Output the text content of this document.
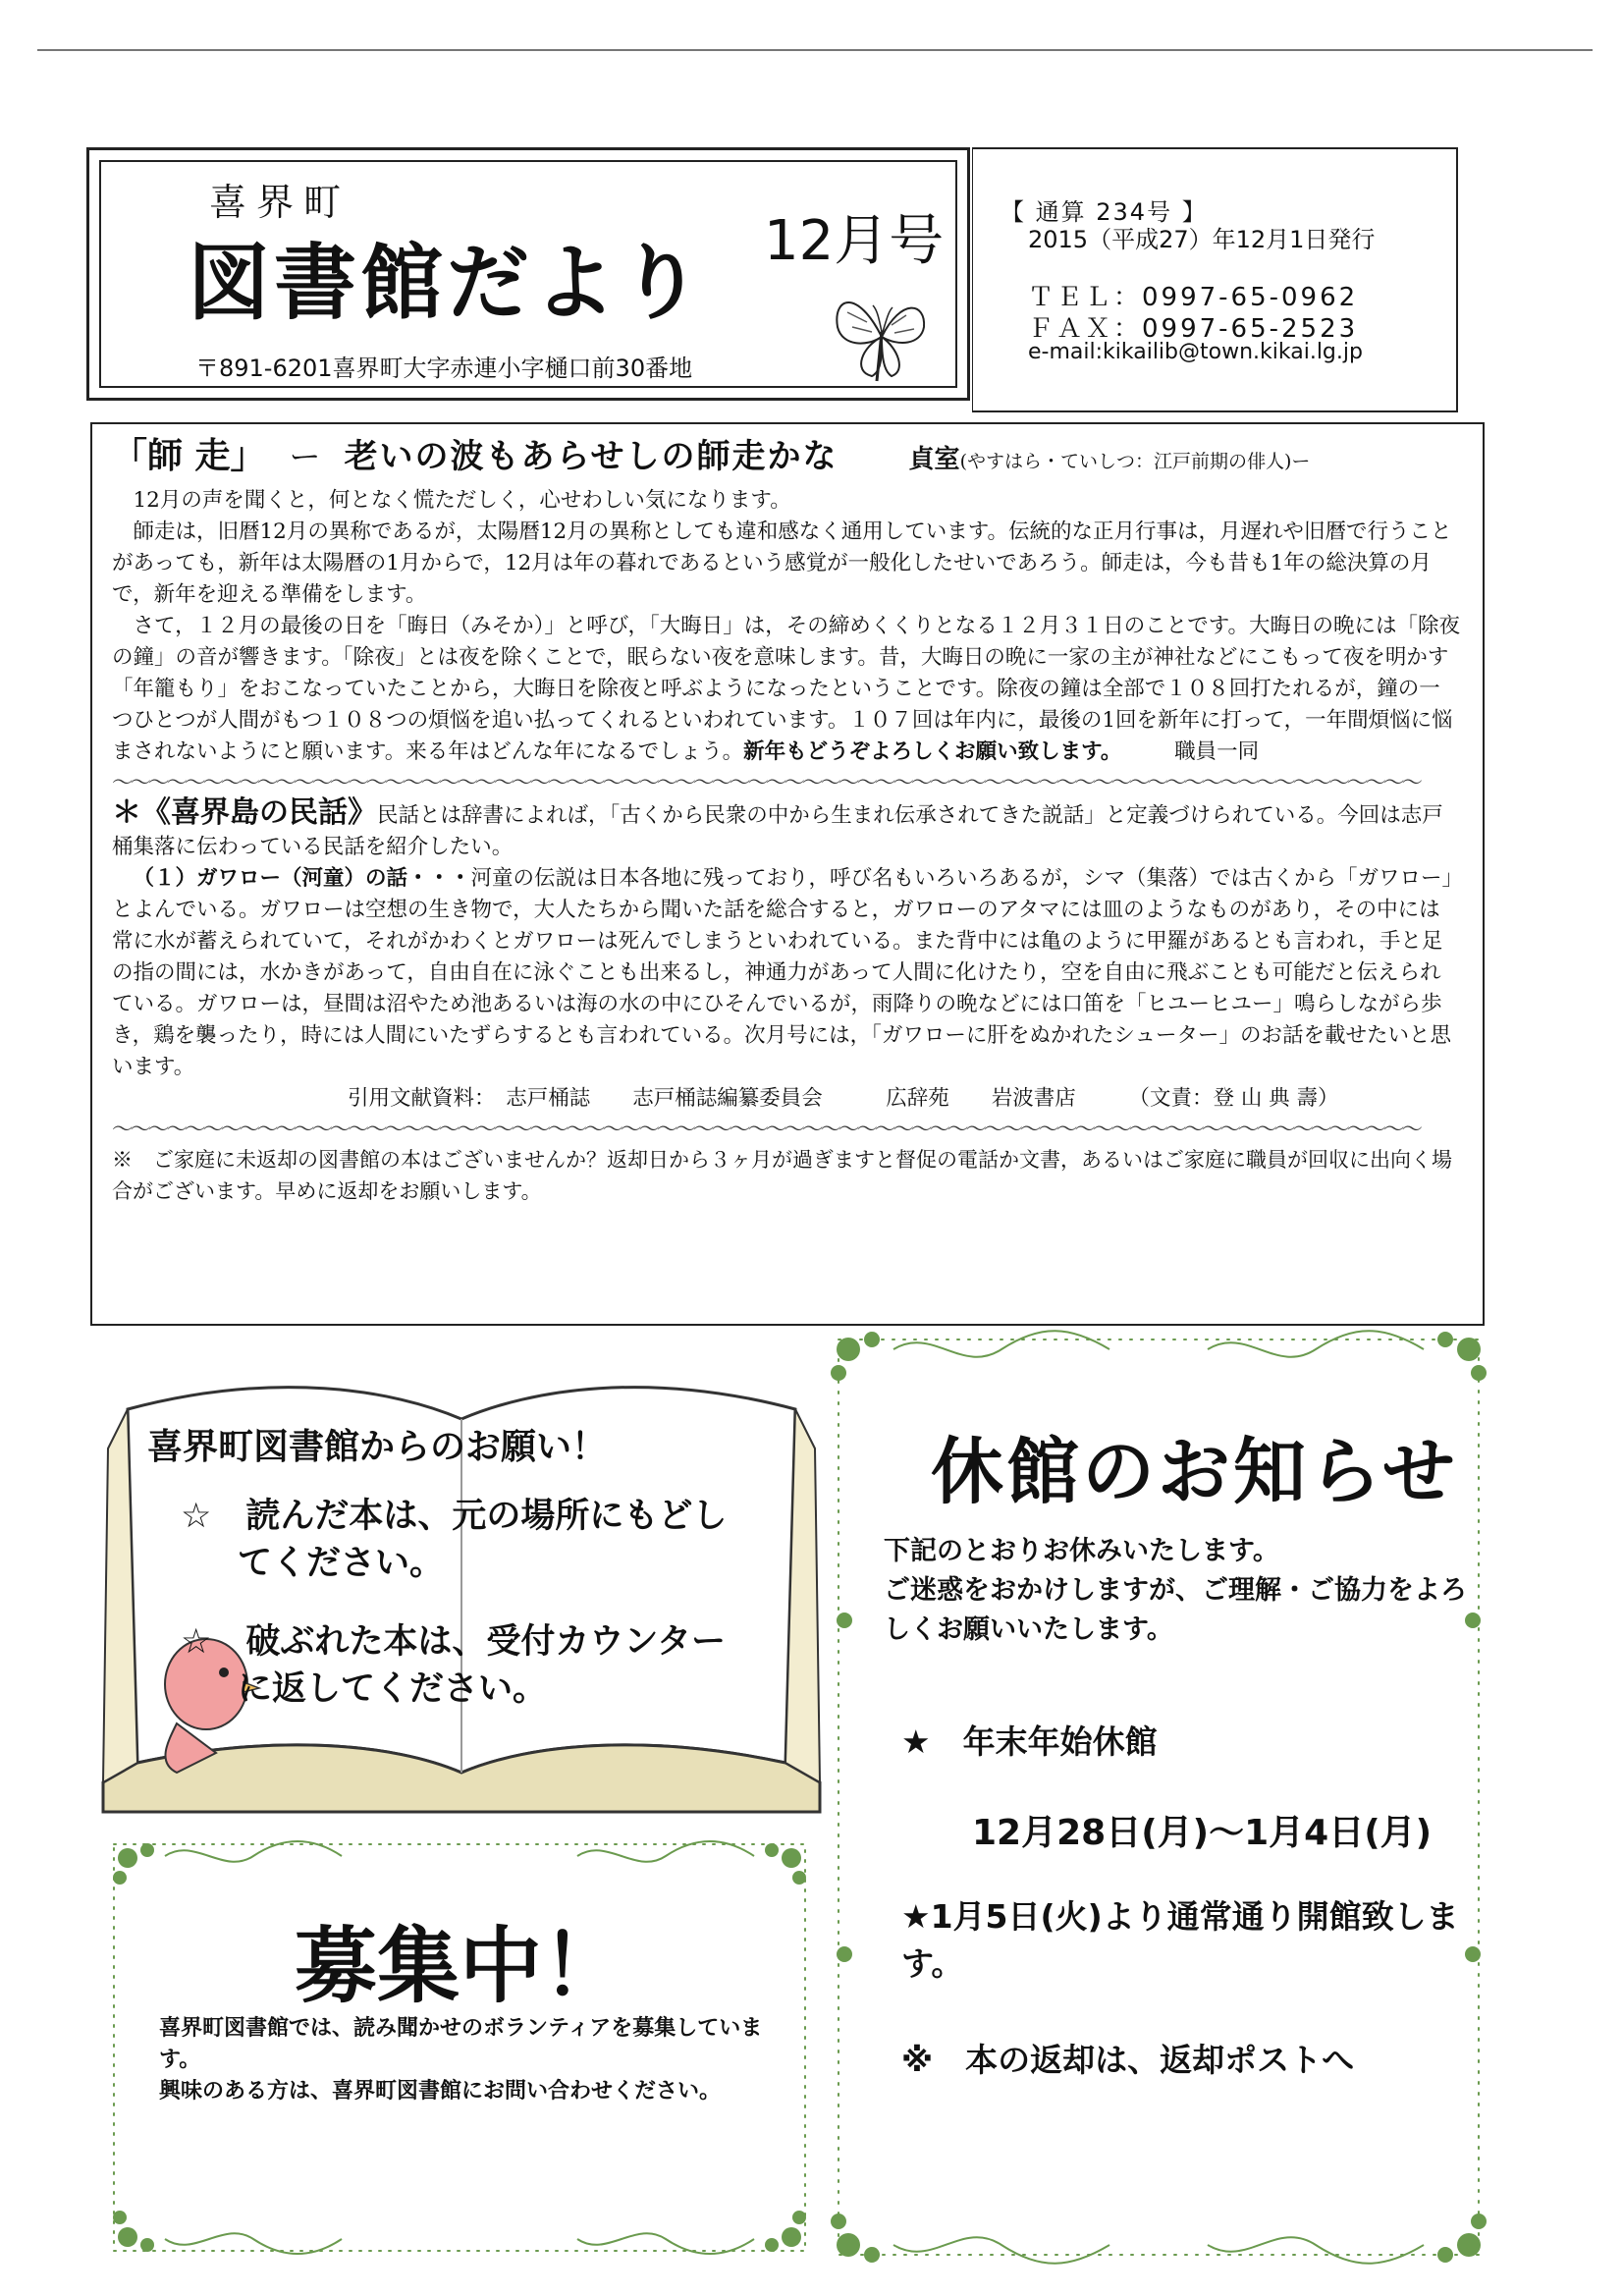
喜界町
図書館だより 12月号
〒891-6201喜界町大字赤連小字樋口前30番地
【 通算 234号 】
2015（平成27）年12月1日発行
ＴＥＬ：0997-65-0962
ＦＡＸ：0997-65-2523
e-mail:kikailib@town.kikai.lg.jp
「師 走」 ー 老いの波もあらせしの師走かな	貞室 (やすはら・ていしつ：江戸前期の俳人)ー

12月の声を聞くと，何となく慌ただしく，心せわしい気になります。

師走は，旧暦12月の異称であるが，太陽暦12月の異称としても違和感なく通用しています。伝統的な正月行事は，月遅れや旧暦で行うことがあっても，新年は太陽暦の1月からで，12月は年の暮れであるという感覚が一般化したせいであろう。師走は，今も昔も1年の総決算の月で，新年を迎える準備をします。

さて，１２月の最後の日を「晦日（みそか）」と呼び，「大晦日」は，その締めくくりとなる１２月３１日のことです。大晦日の晩には「除夜の鐘」の音が響きます。「除夜」とは夜を除くことで，眠らない夜を意味します。昔，大晦日の晩に一家の主が神社などにこもって夜を明かす「年籠もり」をおこなっていたことから，大晦日を除夜と呼ぶようになったということです。除夜の鐘は全部で１０８回打たれるが，鐘の一つひとつが人間がもつ１０８つの煩悩を追い払ってくれるといわれています。１０７回は年内に，最後の1回を新年に打って，一年間煩悩に悩まされないようにと願います。来る年はどんな年になるでしょう。新年もどうぞよろしくお願い致します。　　　	職員一同

～～～～～～～～～～～～～～～～～～～～～～～～～～～～～～～～～～～～～～～～～～～～～～～～～～～～～～～～～～～～～～～～～～～～～～～～

＊《喜界島の民話》民話とは辞書によれば，「古くから民衆の中から生まれ伝承されてきた説話」と定義づけられている。今回は志戸桶集落に伝わっている民話を紹介したい。

（１）ガワロー（河童）の話・・・河童の伝説は日本各地に残っており，呼び名もいろいろあるが，シマ（集落）では古くから「ガワロー」とよんでいる。ガワローは空想の生き物で，大人たちから聞いた話を総合すると，ガワローのアタマには皿のようなものがあり，その中には常に水が蓄えられていて，それがかわくとガワローは死んでしまうといわれている。また背中には亀のように甲羅があるとも言われ，手と足の指の間には，水かきがあって，自由自在に泳ぐことも出来るし，神通力があって人間に化けたり，空を自由に飛ぶことも可能だと伝えられている。ガワローは，昼間は沼やため池あるいは海の水の中にひそんでいるが，雨降りの晩などには口笛を「ヒユーヒユー」鳴らしながら歩き，鶏を襲ったり，時には人間にいたずらするとも言われている。次月号には，「ガワローに肝をぬかれたシューター」のお話を載せたいと思います。

引用文献資料：　志戸桶誌　　志戸桶誌編纂委員会　　　広辞苑　　岩波書店　　　（文責：登 山 典 壽）

～～～～～～～～～～～～～～～～～～～～～～～～～～～～～～～～～～～～～～～～～～～～～～～～～～～～～～～～～～～～～～～～～～～～～～～～

※　ご家庭に未返却の図書館の本はございませんか？返却日から３ヶ月が過ぎますと督促の電話か文書，あるいはご家庭に職員が回収に出向く場合がございます。早めに返却をお願いします。

喜界町図書館からのお願い！
☆　読んだ本は、元の場所にもどしてください。
☆　破ぶれた本は、受付カウンターに返してください。
募集中！
喜界町図書館では、読み聞かせのボランティアを募集しています。
興味のある方は、喜界町図書館にお問い合わせください。
休館のお知らせ
下記のとおりお休みいたします。
ご迷惑をおかけしますが、ご理解・ご協力をよろしくお願いいたします。
★　年末年始休館
12月28日(月)～1月4日(月)
★1月5日(火)より通常通り開館致します。
※　本の返却は、返却ポストへ
